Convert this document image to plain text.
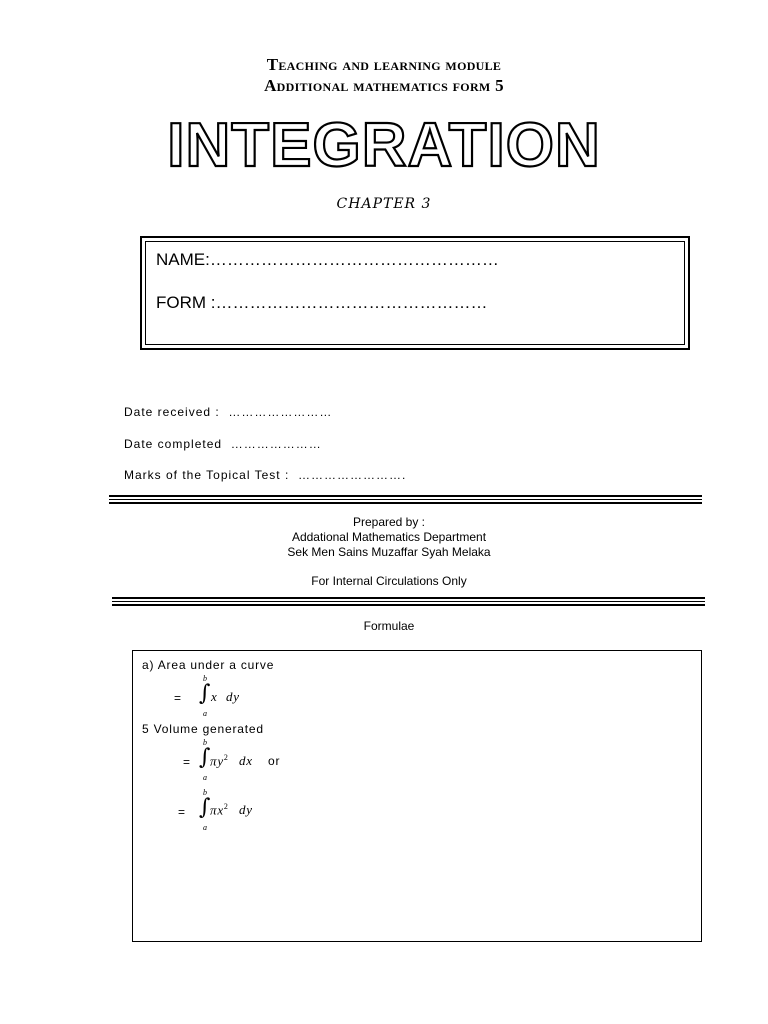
Teaching and learning module
Additional mathematics form 5
INTEGRATION
CHAPTER 3
NAME:……………………………………………
FORM :…………………………………………
Date received : ……………………
Date completed …………………
Marks of the Topical Test : …………………….
Prepared by :
Addational Mathematics Department
Sek Men Sains Muzaffar Syah Melaka
For Internal Circulations Only
Formulae
a) Area under a curve
b
= ∫ x dy
a
5 Volume generated
b
= ∫
$\pi y^2$ dx or
a
b
= ∫
$\pi x^2$ dy
a
